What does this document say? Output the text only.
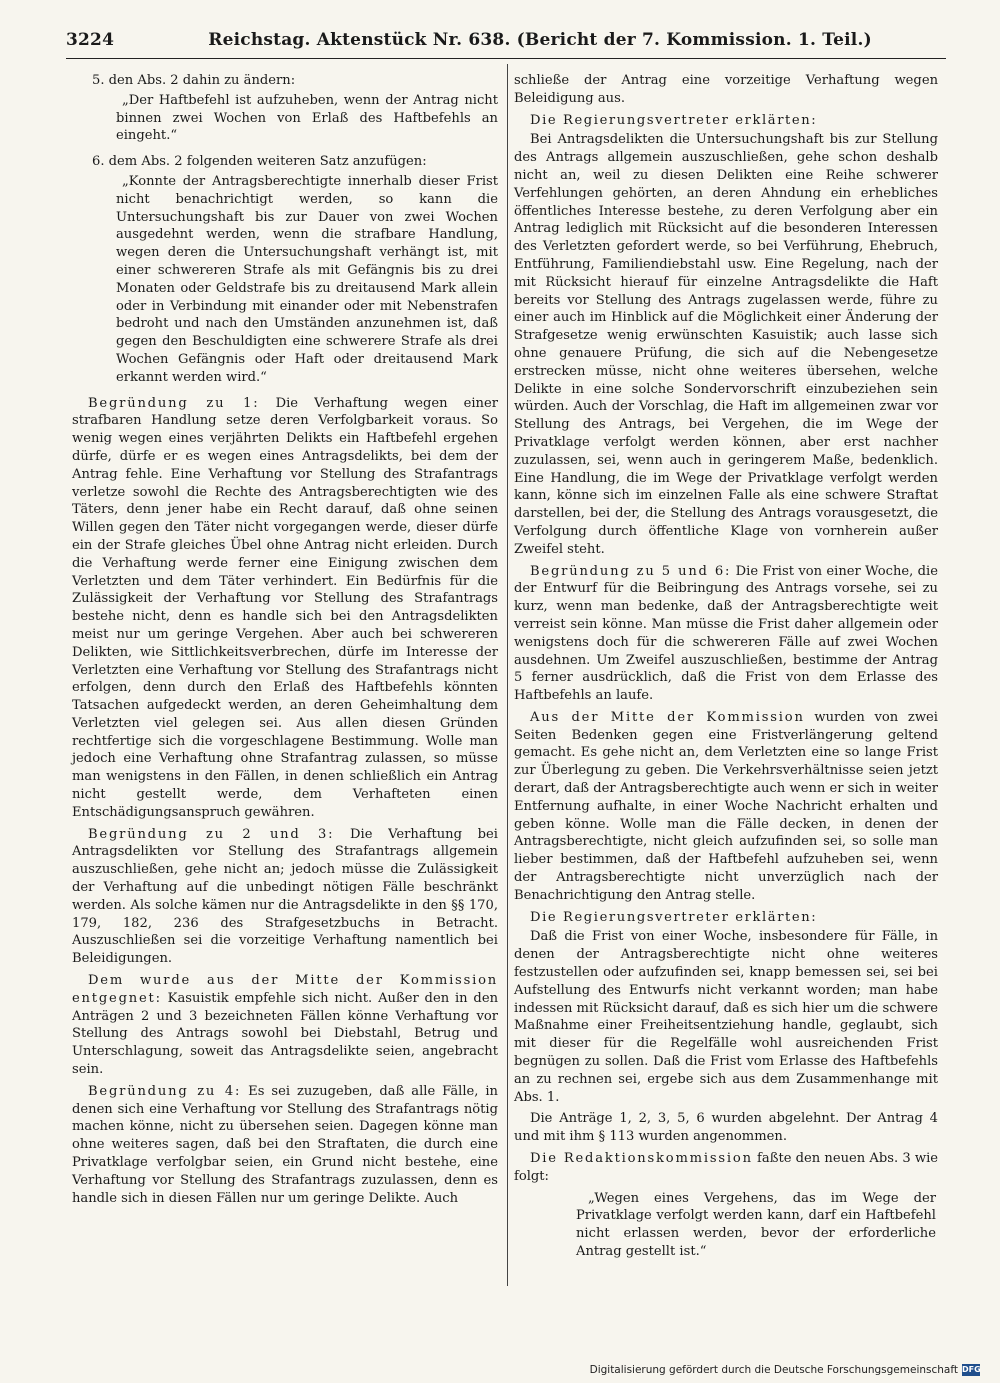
3224	Reichstag. Aktenstück Nr. 638. (Bericht der 7. Kommission. 1. Teil.)

5. den Abs. 2 dahin zu ändern:

„Der Haftbefehl ist aufzuheben, wenn der Antrag nicht binnen zwei Wochen von Erlaß des Haftbefehls an eingeht.“

6. dem Abs. 2 folgenden weiteren Satz anzufügen:

„Konnte der Antragsberechtigte innerhalb dieser Frist nicht benachrichtigt werden, so kann die Untersuchungshaft bis zur Dauer von zwei Wochen ausgedehnt werden, wenn die strafbare Handlung, wegen deren die Untersuchungshaft verhängt ist, mit einer schwereren Strafe als mit Gefängnis bis zu drei Monaten oder Geldstrafe bis zu dreitausend Mark allein oder in Verbindung mit einander oder mit Nebenstrafen bedroht und nach den Umständen anzunehmen ist, daß gegen den Beschuldigten eine schwerere Strafe als drei Wochen Gefängnis oder Haft oder dreitausend Mark erkannt werden wird.“

Begründung zu 1: Die Verhaftung wegen einer strafbaren Handlung setze deren Verfolgbarkeit voraus. So wenig wegen eines verjährten Delikts ein Haftbefehl ergehen dürfe, dürfe er es wegen eines Antragsdelikts, bei dem der Antrag fehle. Eine Verhaftung vor Stellung des Strafantrags verletze sowohl die Rechte des Antragsberechtigten wie des Täters, denn jener habe ein Recht darauf, daß ohne seinen Willen gegen den Täter nicht vorgegangen werde, dieser dürfe ein der Strafe gleiches Übel ohne Antrag nicht erleiden. Durch die Verhaftung werde ferner eine Einigung zwischen dem Verletzten und dem Täter verhindert. Ein Bedürfnis für die Zulässigkeit der Verhaftung vor Stellung des Strafantrags bestehe nicht, denn es handle sich bei den Antragsdelikten meist nur um geringe Vergehen. Aber auch bei schwereren Delikten, wie Sittlichkeitsverbrechen, dürfe im Interesse der Verletzten eine Verhaftung vor Stellung des Strafantrags nicht erfolgen, denn durch den Erlaß des Haftbefehls könnten Tatsachen aufgedeckt werden, an deren Geheimhaltung dem Verletzten viel gelegen sei. Aus allen diesen Gründen rechtfertige sich die vorgeschlagene Bestimmung. Wolle man jedoch eine Verhaftung ohne Strafantrag zulassen, so müsse man wenigstens in den Fällen, in denen schließlich ein Antrag nicht gestellt werde, dem Verhafteten einen Entschädigungsanspruch gewähren.

Begründung zu 2 und 3: Die Verhaftung bei Antragsdelikten vor Stellung des Strafantrags allgemein auszuschließen, gehe nicht an; jedoch müsse die Zulässigkeit der Verhaftung auf die unbedingt nötigen Fälle beschränkt werden. Als solche kämen nur die Antragsdelikte in den §§ 170, 179, 182, 236 des Strafgesetzbuchs in Betracht. Auszuschließen sei die vorzeitige Verhaftung namentlich bei Beleidigungen.

Dem wurde aus der Mitte der Kommission entgegnet: Kasuistik empfehle sich nicht. Außer den in den Anträgen 2 und 3 bezeichneten Fällen könne Verhaftung vor Stellung des Antrags sowohl bei Diebstahl, Betrug und Unterschlagung, soweit das Antragsdelikte seien, angebracht sein.

Begründung zu 4: Es sei zuzugeben, daß alle Fälle, in denen sich eine Verhaftung vor Stellung des Strafantrags nötig machen könne, nicht zu übersehen seien. Dagegen könne man ohne weiteres sagen, daß bei den Straftaten, die durch eine Privatklage verfolgbar seien, ein Grund nicht bestehe, eine Verhaftung vor Stellung des Strafantrags zuzulassen, denn es handle sich in diesen Fällen nur um geringe Delikte. Auch

schließe der Antrag eine vorzeitige Verhaftung wegen Beleidigung aus.

Die Regierungsvertreter erklärten:

Bei Antragsdelikten die Untersuchungshaft bis zur Stellung des Antrags allgemein auszuschließen, gehe schon deshalb nicht an, weil zu diesen Delikten eine Reihe schwerer Verfehlungen gehörten, an deren Ahndung ein erhebliches öffentliches Interesse bestehe, zu deren Verfolgung aber ein Antrag lediglich mit Rücksicht auf die besonderen Interessen des Verletzten gefordert werde, so bei Verführung, Ehebruch, Entführung, Familiendiebstahl usw. Eine Regelung, nach der mit Rücksicht hierauf für einzelne Antragsdelikte die Haft bereits vor Stellung des Antrags zugelassen werde, führe zu einer auch im Hinblick auf die Möglichkeit einer Änderung der Strafgesetze wenig erwünschten Kasuistik; auch lasse sich ohne genauere Prüfung, die sich auf die Nebengesetze erstrecken müsse, nicht ohne weiteres übersehen, welche Delikte in eine solche Sondervorschrift einzubeziehen sein würden. Auch der Vorschlag, die Haft im allgemeinen zwar vor Stellung des Antrags, bei Vergehen, die im Wege der Privatklage verfolgt werden können, aber erst nachher zuzulassen, sei, wenn auch in geringerem Maße, bedenklich. Eine Handlung, die im Wege der Privatklage verfolgt werden kann, könne sich im einzelnen Falle als eine schwere Straftat darstellen, bei der, die Stellung des Antrags vorausgesetzt, die Verfolgung durch öffentliche Klage von vornherein außer Zweifel steht.

Begründung zu 5 und 6: Die Frist von einer Woche, die der Entwurf für die Beibringung des Antrags vorsehe, sei zu kurz, wenn man bedenke, daß der Antragsberechtigte weit verreist sein könne. Man müsse die Frist daher allgemein oder wenigstens doch für die schwereren Fälle auf zwei Wochen ausdehnen. Um Zweifel auszuschließen, bestimme der Antrag 5 ferner ausdrücklich, daß die Frist von dem Erlasse des Haftbefehls an laufe.

Aus der Mitte der Kommission wurden von zwei Seiten Bedenken gegen eine Fristverlängerung geltend gemacht. Es gehe nicht an, dem Verletzten eine so lange Frist zur Überlegung zu geben. Die Verkehrsverhältnisse seien jetzt derart, daß der Antragsberechtigte auch wenn er sich in weiter Entfernung aufhalte, in einer Woche Nachricht erhalten und geben könne. Wolle man die Fälle decken, in denen der Antragsberechtigte, nicht gleich aufzufinden sei, so solle man lieber bestimmen, daß der Haftbefehl aufzuheben sei, wenn der Antragsberechtigte nicht unverzüglich nach der Benachrichtigung den Antrag stelle.

Die Regierungsvertreter erklärten:

Daß die Frist von einer Woche, insbesondere für Fälle, in denen der Antragsberechtigte nicht ohne weiteres festzustellen oder aufzufinden sei, knapp bemessen sei, sei bei Aufstellung des Entwurfs nicht verkannt worden; man habe indessen mit Rücksicht darauf, daß es sich hier um die schwere Maßnahme einer Freiheitsentziehung handle, geglaubt, sich mit dieser für die Regelfälle wohl ausreichenden Frist begnügen zu sollen. Daß die Frist vom Erlasse des Haftbefehls an zu rechnen sei, ergebe sich aus dem Zusammenhange mit Abs. 1.

Die Anträge 1, 2, 3, 5, 6 wurden abgelehnt. Der Antrag 4 und mit ihm § 113 wurden angenommen.

Die Redaktionskommission faßte den neuen Abs. 3 wie folgt:

„Wegen eines Vergehens, das im Wege der Privatklage verfolgt werden kann, darf ein Haftbefehl nicht erlassen werden, bevor der erforderliche Antrag gestellt ist.“

Digitalisierung gefördert durch die Deutsche Forschungsgemeinschaft DFG
